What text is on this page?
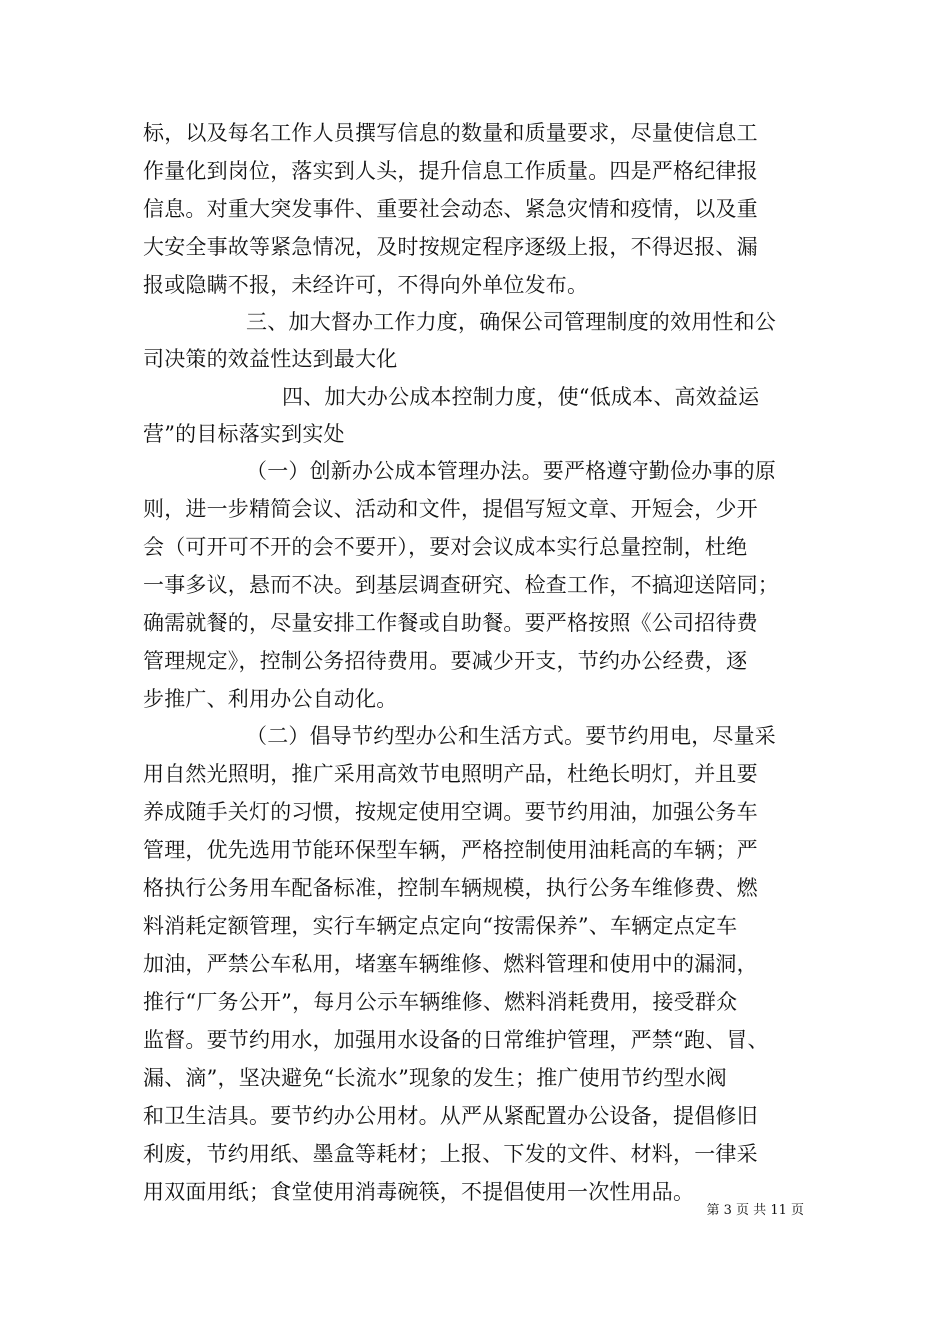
标，以及每名工作人员撰写信息的数量和质量要求，尽量使信息工
作量化到岗位，落实到人头，提升信息工作质量。四是严格纪律报
信息。对重大突发事件、重要社会动态、紧急灾情和疫情，以及重
大安全事故等紧急情况，及时按规定程序逐级上报，不得迟报、漏
报或隐瞒不报，未经许可，不得向外单位发布。
三、加大督办工作力度，确保公司管理制度的效用性和公
司决策的效益性达到最大化
四、加大办公成本控制力度，使“低成本、高效益运
营”的目标落实到实处
（一）创新办公成本管理办法。要严格遵守勤俭办事的原
则，进一步精简会议、活动和文件，提倡写短文章、开短会，少开
会（可开可不开的会不要开），要对会议成本实行总量控制，杜绝
一事多议，悬而不决。到基层调查研究、检查工作，不搞迎送陪同；
确需就餐的，尽量安排工作餐或自助餐。要严格按照《公司招待费
管理规定》，控制公务招待费用。要减少开支，节约办公经费，逐
步推广、利用办公自动化。
（二）倡导节约型办公和生活方式。要节约用电，尽量采
用自然光照明，推广采用高效节电照明产品，杜绝长明灯，并且要
养成随手关灯的习惯，按规定使用空调。要节约用油，加强公务车
管理，优先选用节能环保型车辆，严格控制使用油耗高的车辆；严
格执行公务用车配备标准，控制车辆规模，执行公务车维修费、燃
料消耗定额管理，实行车辆定点定向“按需保养”、车辆定点定车
加油，严禁公车私用，堵塞车辆维修、燃料管理和使用中的漏洞，
推行“厂务公开”，每月公示车辆维修、燃料消耗费用，接受群众
监督。要节约用水，加强用水设备的日常维护管理，严禁“跑、冒、
漏、滴”，坚决避免“长流水”现象的发生；推广使用节约型水阀
和卫生洁具。要节约办公用材。从严从紧配置办公设备，提倡修旧
利废，节约用纸、墨盒等耗材；上报、下发的文件、材料，一律采
用双面用纸；食堂使用消毒碗筷，不提倡使用一次性用品。
第 3 页 共 11 页
